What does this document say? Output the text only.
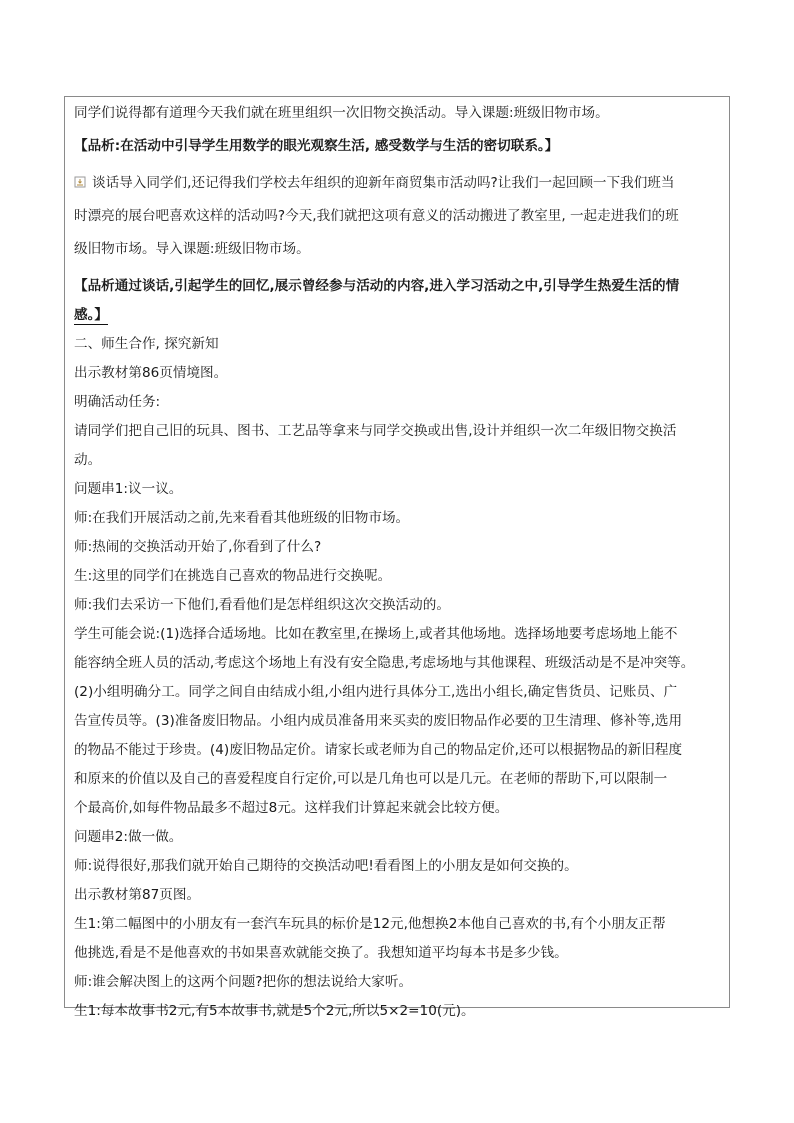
同学们说得都有道理今天我们就在班里组织一次旧物交换活动。导入课题:班级旧物市场。

【品析:在活动中引导学生用数学的眼光观察生活, 感受数学与生活的密切联系。】

谈话导入同学们,还记得我们学校去年组织的迎新年商贸集市活动吗?让我们一起回顾一下我们班当

时漂亮的展台吧喜欢这样的活动吗?今天,我们就把这项有意义的活动搬进了教室里, 一起走进我们的班

级旧物市场。导入课题:班级旧物市场。

【品析通过谈话,引起学生的回忆,展示曾经参与活动的内容,进入学习活动之中,引导学生热爱生活的情

感。】

二、师生合作, 探究新知

出示教材第86页情境图。

明确活动任务:

请同学们把自己旧的玩具、图书、工艺品等拿来与同学交换或出售,设计并组织一次二年级旧物交换活

动。

问题串1:议一议。

师:在我们开展活动之前,先来看看其他班级的旧物市场。

师:热闹的交换活动开始了,你看到了什么?

生:这里的同学们在挑选自己喜欢的物品进行交换呢。

师:我们去采访一下他们,看看他们是怎样组织这次交换活动的。

学生可能会说:(1)选择合适场地。比如在教室里,在操场上,或者其他场地。选择场地要考虑场地上能不

能容纳全班人员的活动,考虑这个场地上有没有安全隐患,考虑场地与其他课程、班级活动是不是冲突等。

(2)小组明确分工。同学之间自由结成小组,小组内进行具体分工,选出小组长,确定售货员、记账员、广

告宣传员等。(3)准备废旧物品。小组内成员准备用来买卖的废旧物品作必要的卫生清理、修补等,选用

的物品不能过于珍贵。(4)废旧物品定价。请家长或老师为自己的物品定价,还可以根据物品的新旧程度

和原来的价值以及自己的喜爱程度自行定价,可以是几角也可以是几元。在老师的帮助下,可以限制一

个最高价,如每件物品最多不超过8元。这样我们计算起来就会比较方便。

问题串2:做一做。

师:说得很好,那我们就开始自己期待的交换活动吧!看看图上的小朋友是如何交换的。

出示教材第87页图。

生1:第二幅图中的小朋友有一套汽车玩具的标价是12元,他想换2本他自己喜欢的书,有个小朋友正帮

他挑选,看是不是他喜欢的书如果喜欢就能交换了。我想知道平均每本书是多少钱。

师:谁会解决图上的这两个问题?把你的想法说给大家听。

生1:每本故事书2元,有5本故事书,就是5个2元,所以5×2=10(元)。
